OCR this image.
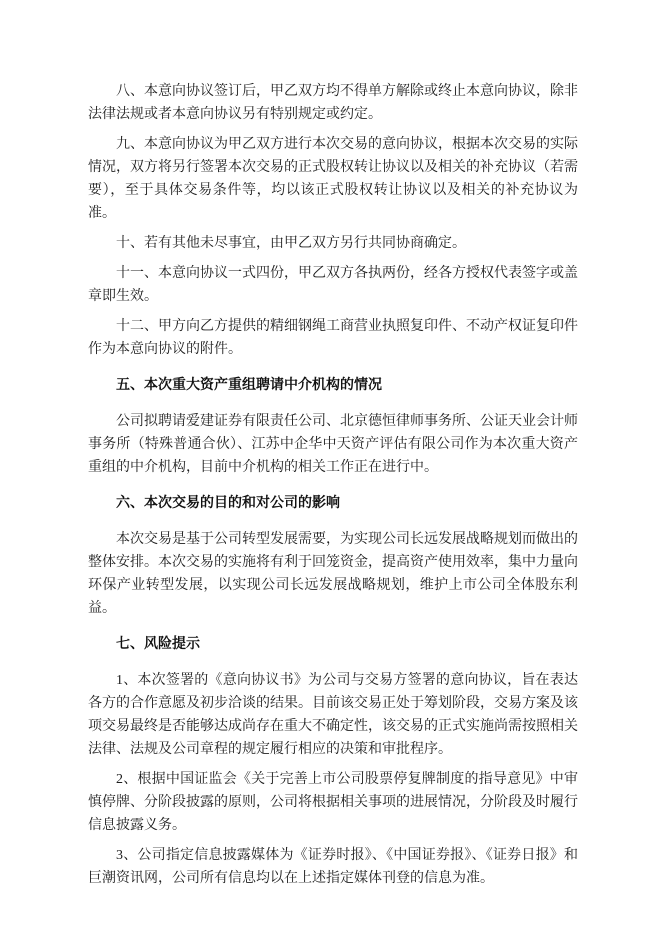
八、本意向协议签订后，甲乙双方均不得单方解除或终止本意向协议，除非法律法规或者本意向协议另有特别规定或约定。

九、本意向协议为甲乙双方进行本次交易的意向协议，根据本次交易的实际情况，双方将另行签署本次交易的正式股权转让协议以及相关的补充协议（若需要），至于具体交易条件等，均以该正式股权转让协议以及相关的补充协议为准。

十、若有其他未尽事宜，由甲乙双方另行共同协商确定。

十一、本意向协议一式四份，甲乙双方各执两份，经各方授权代表签字或盖章即生效。

十二、甲方向乙方提供的精细钢绳工商营业执照复印件、不动产权证复印件作为本意向协议的附件。

五、本次重大资产重组聘请中介机构的情况

公司拟聘请爱建证券有限责任公司、北京德恒律师事务所、公证天业会计师事务所（特殊普通合伙）、江苏中企华中天资产评估有限公司作为本次重大资产重组的中介机构，目前中介机构的相关工作正在进行中。

六、本次交易的目的和对公司的影响

本次交易是基于公司转型发展需要，为实现公司长远发展战略规划而做出的整体安排。本次交易的实施将有利于回笼资金，提高资产使用效率，集中力量向环保产业转型发展，以实现公司长远发展战略规划，维护上市公司全体股东利益。

七、风险提示

1、本次签署的《意向协议书》为公司与交易方签署的意向协议，旨在表达各方的合作意愿及初步洽谈的结果。目前该交易正处于筹划阶段，交易方案及该项交易最终是否能够达成尚存在重大不确定性，该交易的正式实施尚需按照相关法律、法规及公司章程的规定履行相应的决策和审批程序。

2、根据中国证监会《关于完善上市公司股票停复牌制度的指导意见》中审慎停牌、分阶段披露的原则，公司将根据相关事项的进展情况，分阶段及时履行信息披露义务。

3、公司指定信息披露媒体为《证券时报》、《中国证券报》、《证券日报》和巨潮资讯网，公司所有信息均以在上述指定媒体刊登的信息为准。
